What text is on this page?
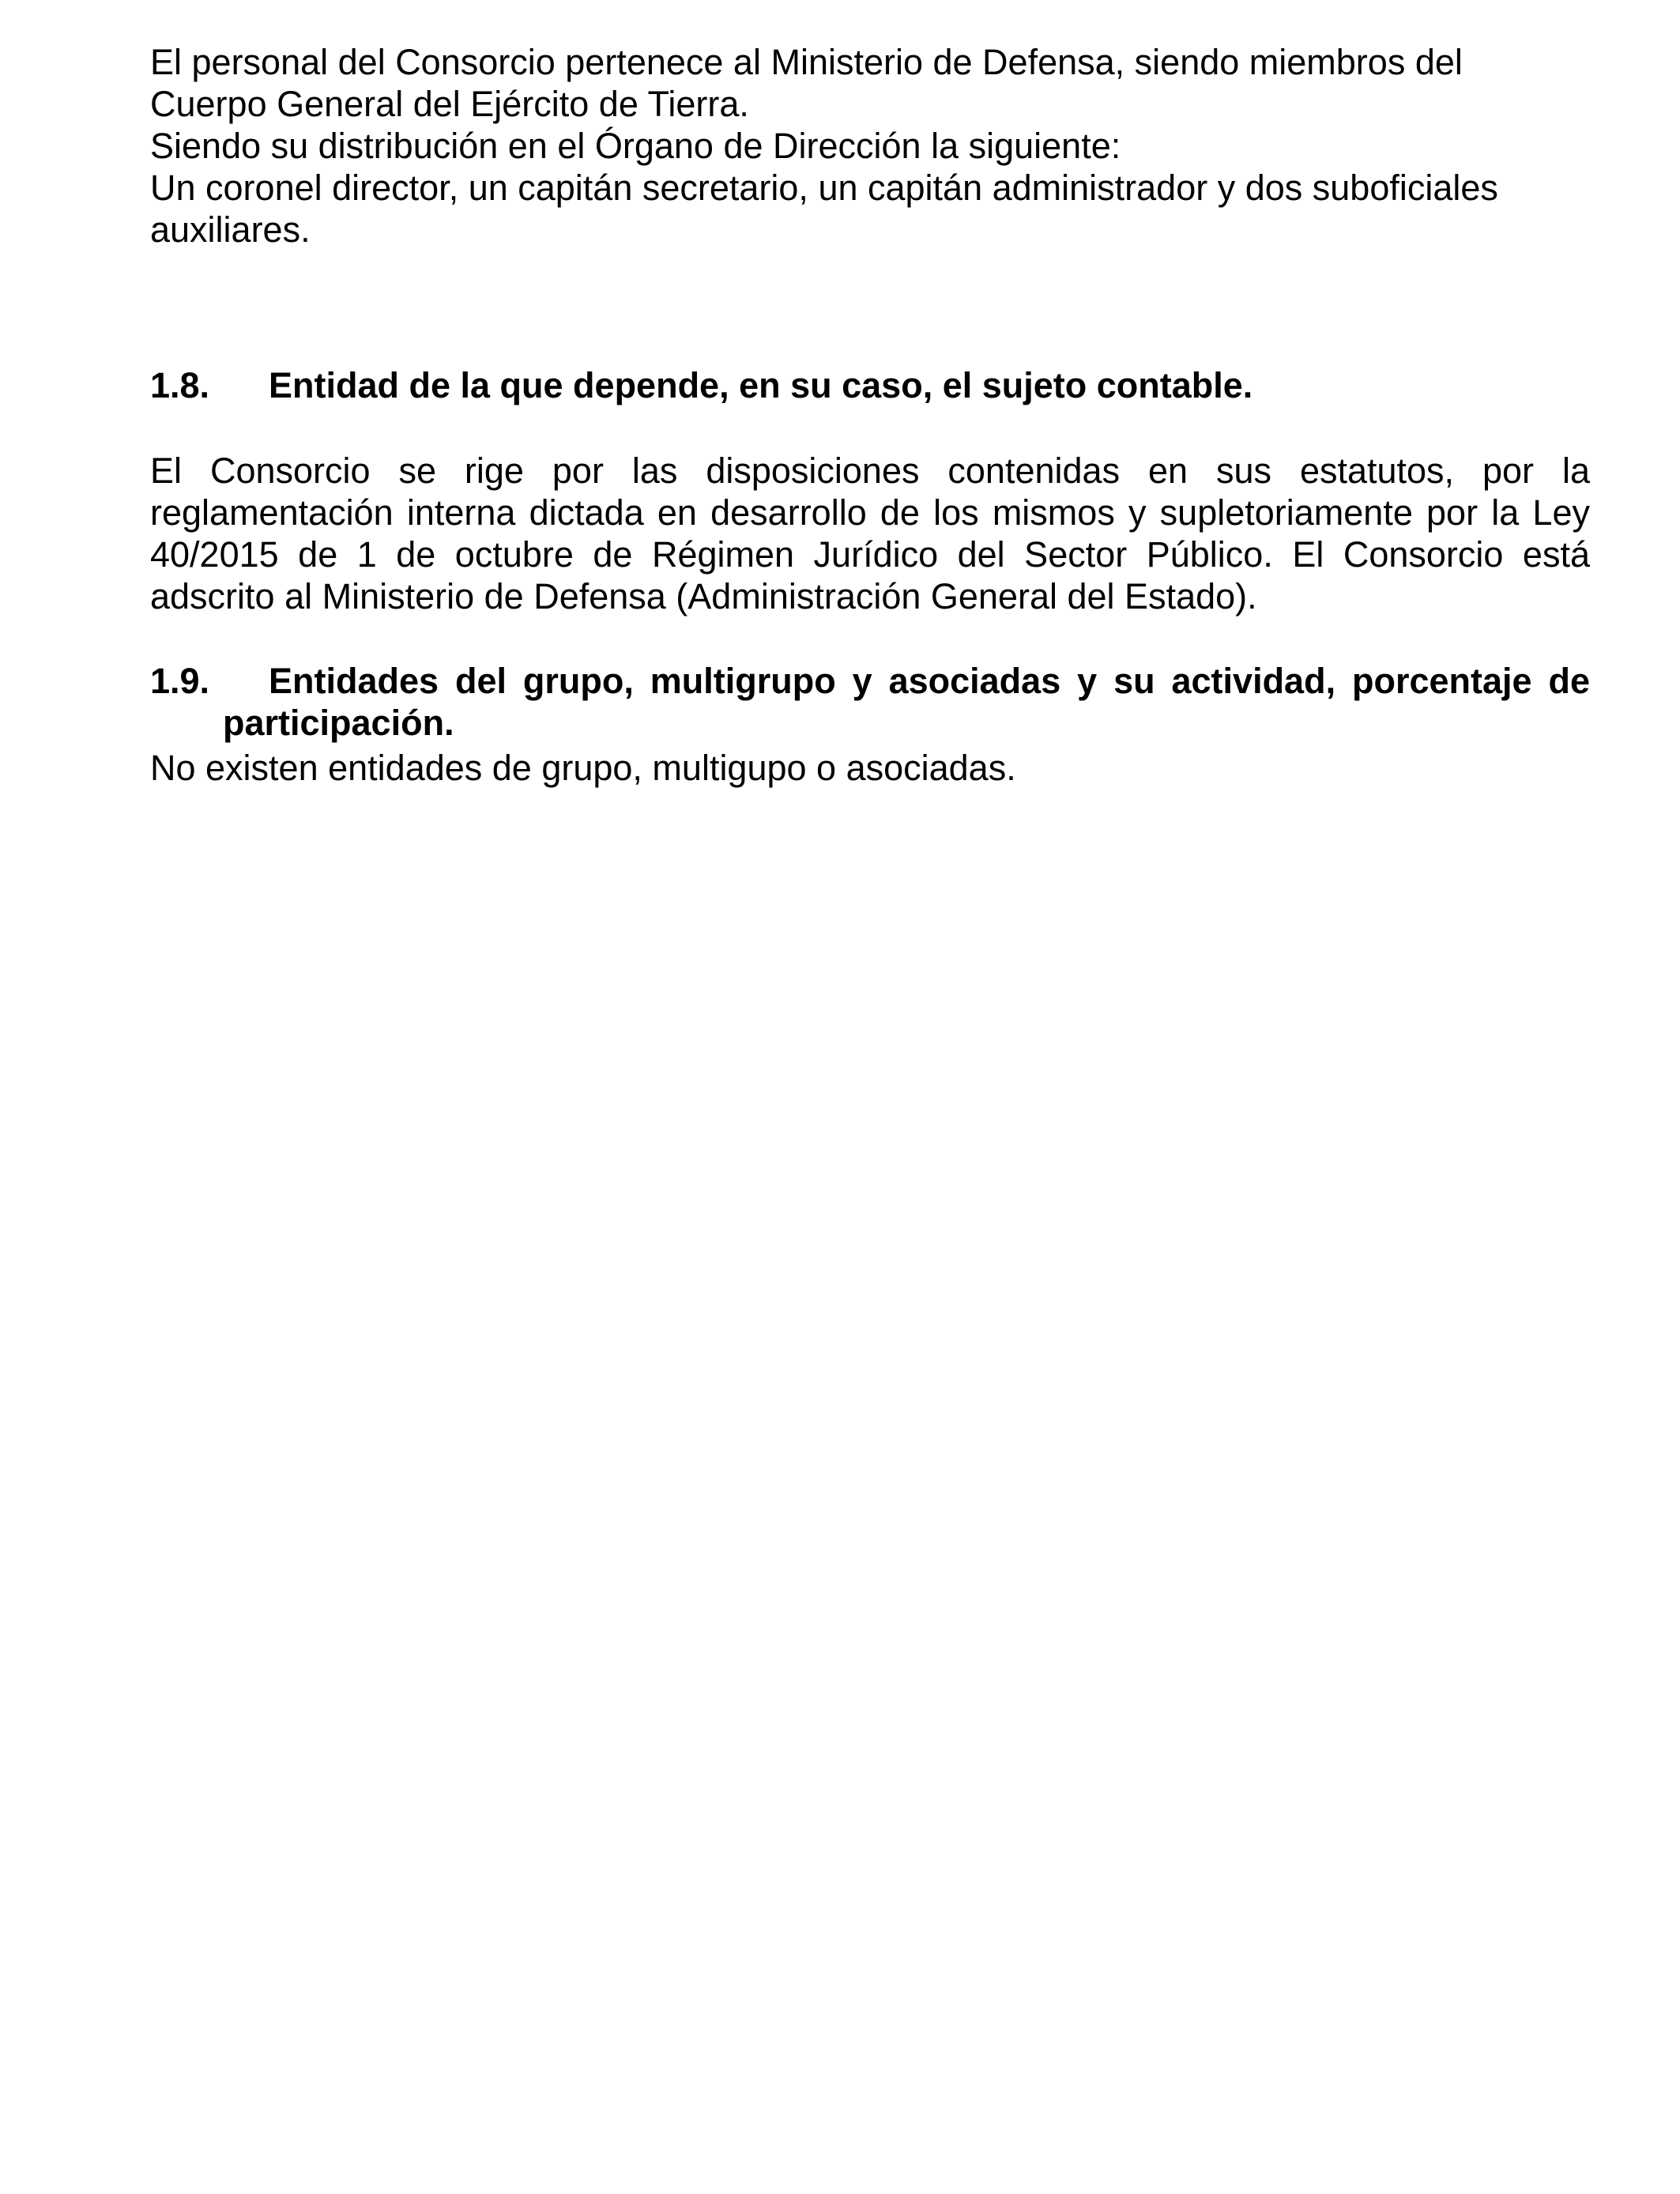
El personal del Consorcio pertenece al Ministerio de Defensa, siendo miembros del

Cuerpo General del Ejército de Tierra.

Siendo su distribución en el Órgano de Dirección la siguiente:

Un coronel director, un capitán secretario, un capitán administrador y dos suboficiales

auxiliares.

1.8.	Entidad de la que depende, en su caso, el sujeto contable.

El Consorcio se rige por las disposiciones contenidas en sus estatutos, por la reglamentación interna dictada en desarrollo de los mismos y supletoriamente por la Ley 40/2015 de 1 de octubre de Régimen Jurídico del Sector Público. El Consorcio está adscrito al Ministerio de Defensa (Administración General del Estado).

1.9. Entidades del grupo, multigrupo y asociadas y su actividad, porcentaje de participación.

No existen entidades de grupo, multigupo o asociadas.
